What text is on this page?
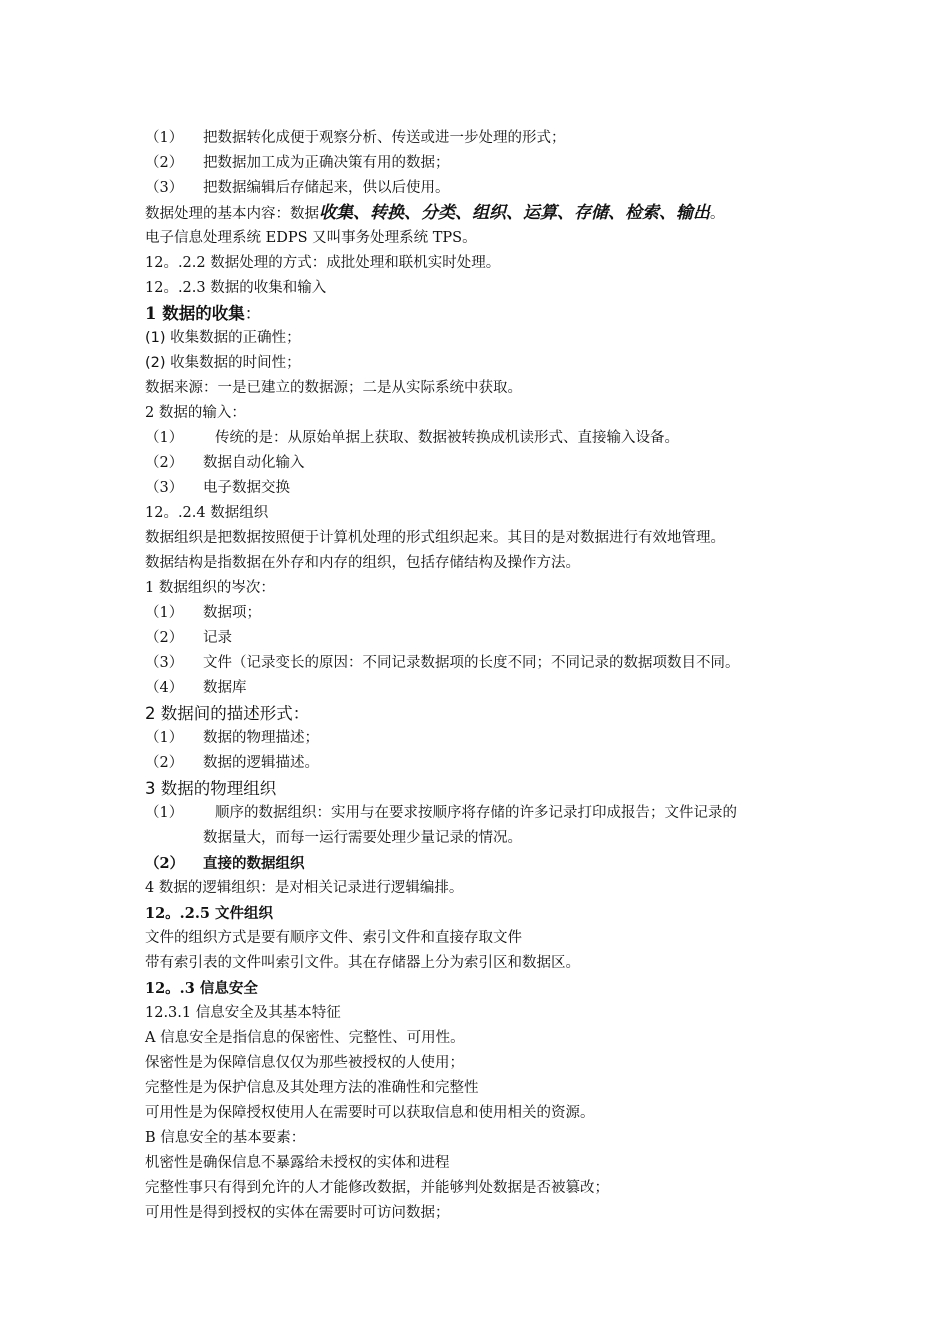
（1） 把数据转化成便于观察分析、传送或进一步处理的形式；
（2） 把数据加工成为正确决策有用的数据；
（3） 把数据编辑后存储起来，供以后使用。
数据处理的基本内容：数据收集、转换、分类、组织、运算、存储、检索、输出。
电子信息处理系统 EDPS 又叫事务处理系统 TPS。
12。.2.2 数据处理的方式：成批处理和联机实时处理。
12。.2.3 数据的收集和输入
1 数据的收集：
(1) 收集数据的正确性；
(2) 收集数据的时间性；
数据来源：一是已建立的数据源；二是从实际系统中获取。
2 数据的输入：
（1） 传统的是：从原始单据上获取、数据被转换成机读形式、直接输入设备。
（2） 数据自动化输入
（3） 电子数据交换
12。.2.4 数据组织
数据组织是把数据按照便于计算机处理的形式组织起来。其目的是对数据进行有效地管理。
数据结构是指数据在外存和内存的组织，包括存储结构及操作方法。
1 数据组织的岑次：
（1） 数据项；
（2） 记录
（3） 文件（记录变长的原因：不同记录数据项的长度不同；不同记录的数据项数目不同。
（4） 数据库
2 数据间的描述形式：
（1） 数据的物理描述；
（2） 数据的逻辑描述。
3 数据的物理组织
（1） 顺序的数据组织：实用与在要求按顺序将存储的许多记录打印成报告；文件记录的
数据量大，而每一运行需要处理少量记录的情况。
（2） 直接的数据组织
4 数据的逻辑组织：是对相关记录进行逻辑编排。
12。.2.5 文件组织
文件的组织方式是要有顺序文件、索引文件和直接存取文件
带有索引表的文件叫索引文件。其在存储器上分为索引区和数据区。
12。.3 信息安全
12.3.1 信息安全及其基本特征
A 信息安全是指信息的保密性、完整性、可用性。
保密性是为保障信息仅仅为那些被授权的人使用；
完整性是为保护信息及其处理方法的准确性和完整性
可用性是为保障授权使用人在需要时可以获取信息和使用相关的资源。
B 信息安全的基本要素：
机密性是确保信息不暴露给未授权的实体和进程
完整性事只有得到允许的人才能修改数据，并能够判处数据是否被篡改；
可用性是得到授权的实体在需要时可访问数据；
